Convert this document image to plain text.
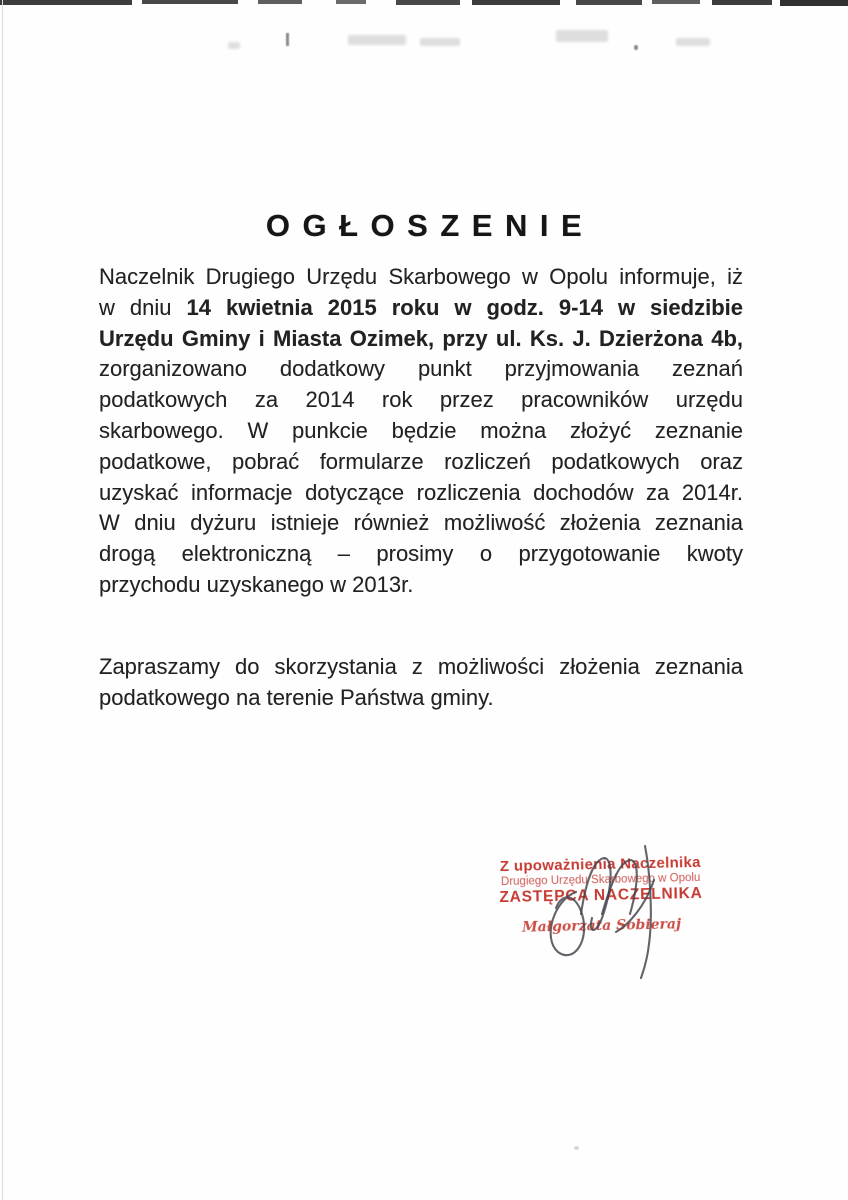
OGŁOSZENIE
Naczelnik Drugiego Urzędu Skarbowego w Opolu informuje, iż
w dniu 14 kwietnia 2015 roku w godz. 9-14 w siedzibie
Urzędu Gminy i Miasta Ozimek, przy ul. Ks. J. Dzierżona 4b,
zorganizowano dodatkowy punkt przyjmowania zeznań
podatkowych za 2014 rok przez pracowników urzędu
skarbowego. W punkcie będzie można złożyć zeznanie
podatkowe, pobrać formularze rozliczeń podatkowych oraz
uzyskać informacje dotyczące rozliczenia dochodów za 2014r.
W dniu dyżuru istnieje również możliwość złożenia zeznania
drogą elektroniczną – prosimy o przygotowanie kwoty
przychodu uzyskanego w 2013r.
Zapraszamy do skorzystania z możliwości złożenia zeznania
podatkowego na terenie Państwa gminy.
Z upoważnienia Naczelnika
Drugiego Urzędu Skarbowego w Opolu
ZASTĘPCA NACZELNIKA
Małgorzata Sobieraj
